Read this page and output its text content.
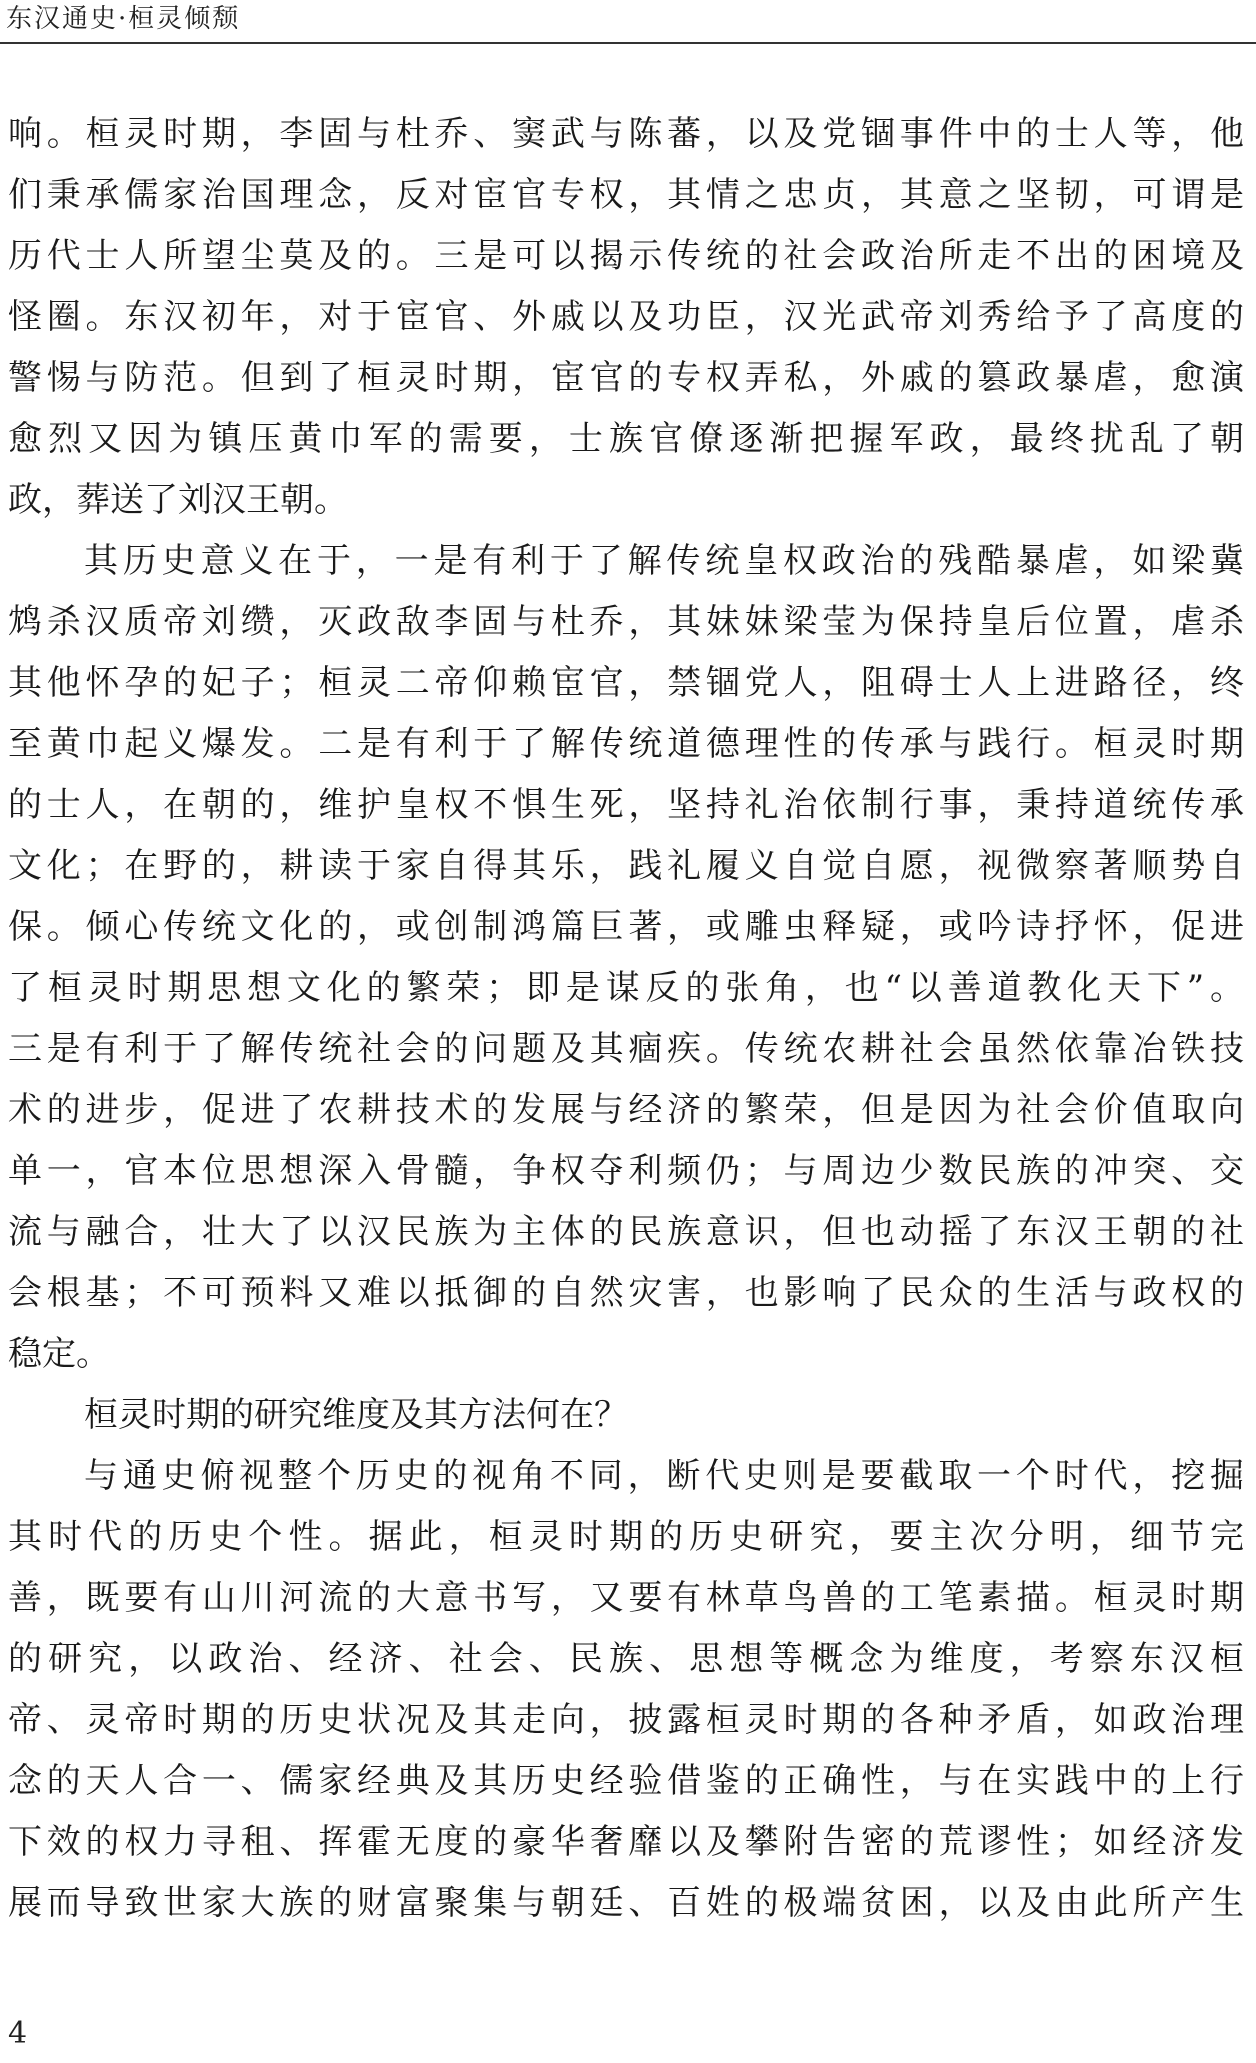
东汉通史·桓灵倾颓
响。桓灵时期，李固与杜乔、窦武与陈蕃，以及党锢事件中的士人等，他
们秉承儒家治国理念，反对宦官专权，其情之忠贞，其意之坚韧，可谓是
历代士人所望尘莫及的。三是可以揭示传统的社会政治所走不出的困境及
怪圈。东汉初年，对于宦官、外戚以及功臣，汉光武帝刘秀给予了高度的
警惕与防范。但到了桓灵时期，宦官的专权弄私，外戚的篡政暴虐，愈演
愈烈又因为镇压黄巾军的需要，士族官僚逐渐把握军政，最终扰乱了朝
政，葬送了刘汉王朝。
其历史意义在于，一是有利于了解传统皇权政治的残酷暴虐，如梁冀
鸩杀汉质帝刘缵，灭政敌李固与杜乔，其妹妹梁莹为保持皇后位置，虐杀
其他怀孕的妃子；桓灵二帝仰赖宦官，禁锢党人，阻碍士人上进路径，终
至黄巾起义爆发。二是有利于了解传统道德理性的传承与践行。桓灵时期
的士人，在朝的，维护皇权不惧生死，坚持礼治依制行事，秉持道统传承
文化；在野的，耕读于家自得其乐，践礼履义自觉自愿，视微察著顺势自
保。倾心传统文化的，或创制鸿篇巨著，或雕虫释疑，或吟诗抒怀，促进
了桓灵时期思想文化的繁荣；即是谋反的张角，也“以善道教化天下”。
三是有利于了解传统社会的问题及其痼疾。传统农耕社会虽然依靠冶铁技
术的进步，促进了农耕技术的发展与经济的繁荣，但是因为社会价值取向
单一，官本位思想深入骨髓，争权夺利频仍；与周边少数民族的冲突、交
流与融合，壮大了以汉民族为主体的民族意识，但也动摇了东汉王朝的社
会根基；不可预料又难以抵御的自然灾害，也影响了民众的生活与政权的
稳定。
桓灵时期的研究维度及其方法何在？
与通史俯视整个历史的视角不同，断代史则是要截取一个时代，挖掘
其时代的历史个性。据此，桓灵时期的历史研究，要主次分明，细节完
善，既要有山川河流的大意书写，又要有林草鸟兽的工笔素描。桓灵时期
的研究，以政治、经济、社会、民族、思想等概念为维度，考察东汉桓
帝、灵帝时期的历史状况及其走向，披露桓灵时期的各种矛盾，如政治理
念的天人合一、儒家经典及其历史经验借鉴的正确性，与在实践中的上行
下效的权力寻租、挥霍无度的豪华奢靡以及攀附告密的荒谬性；如经济发
展而导致世家大族的财富聚集与朝廷、百姓的极端贫困，以及由此所产生
4
